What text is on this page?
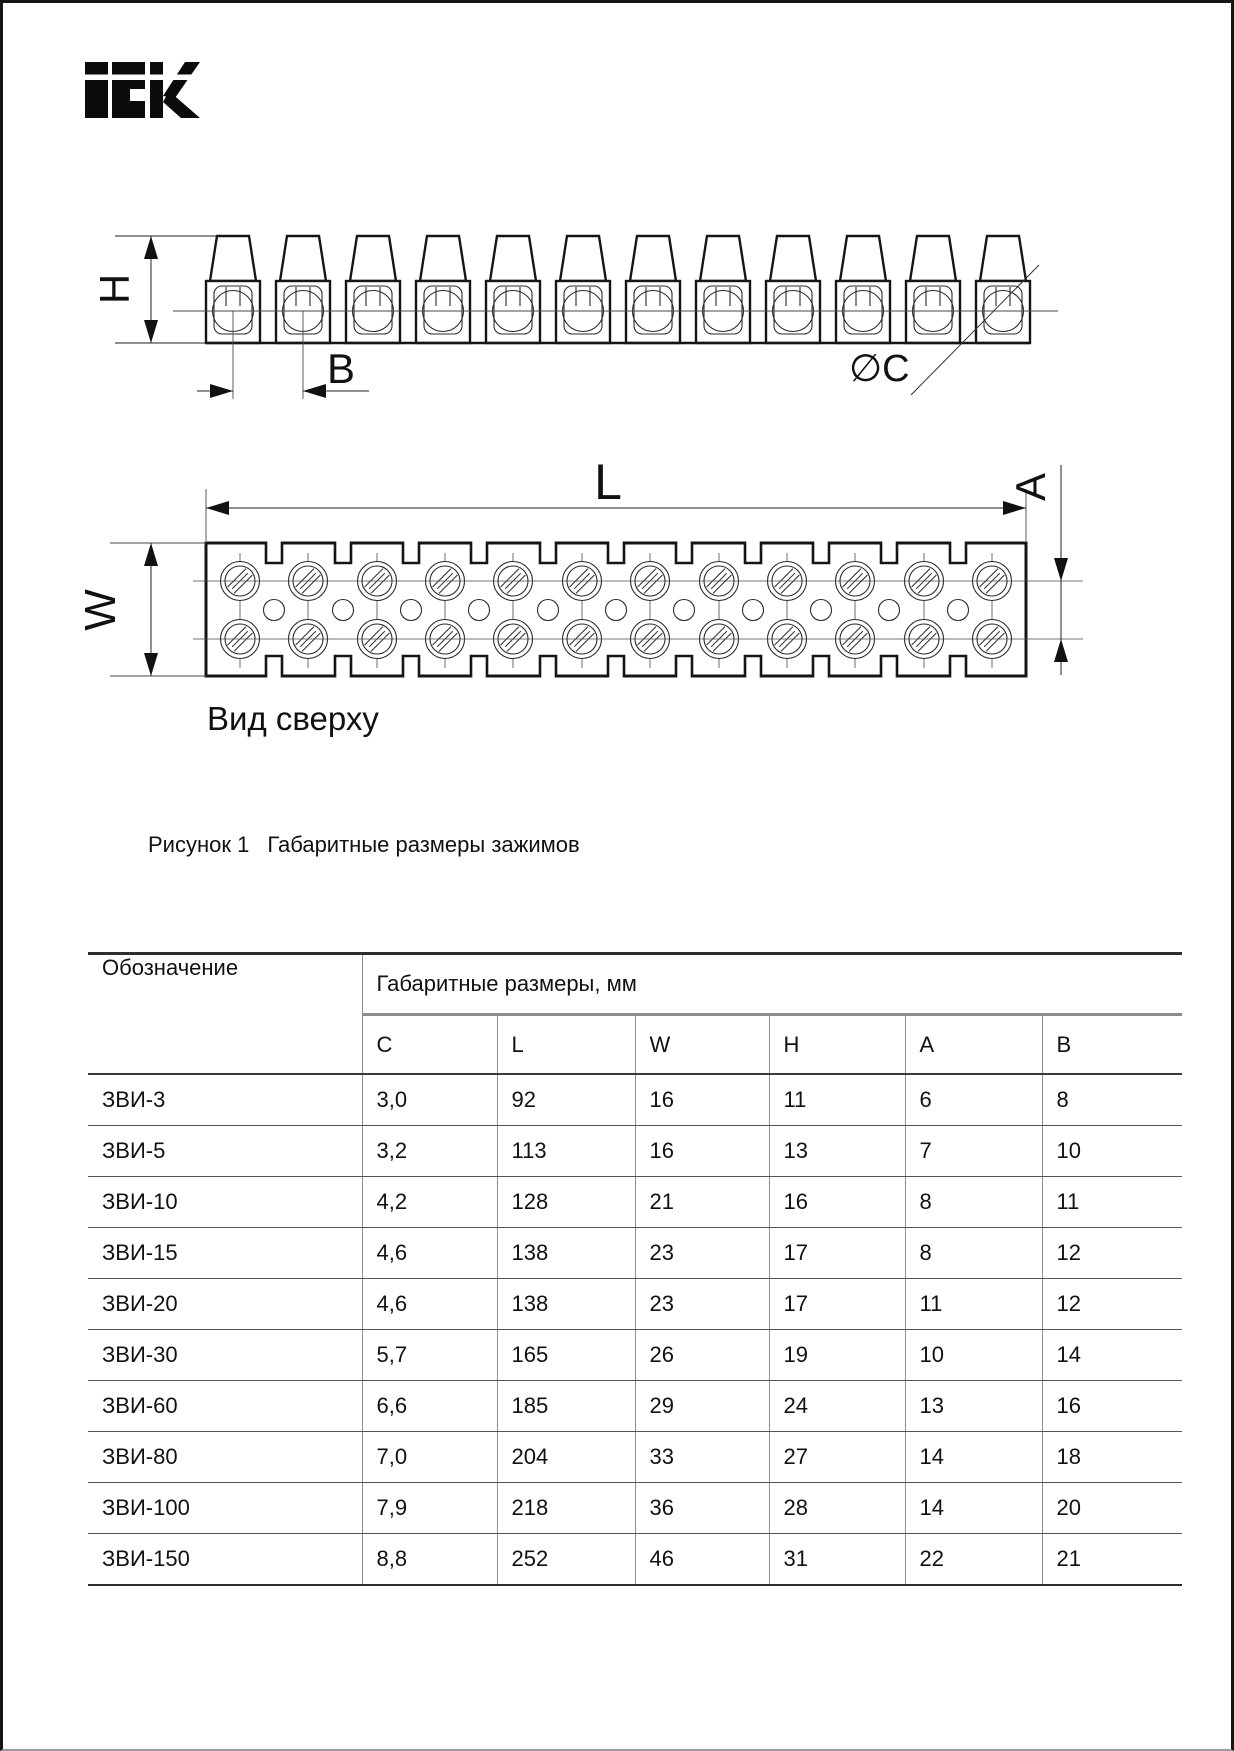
H
B	∅C
L	A
W
Вид сверху
Рисунок 1 Габаритные размеры зажимов
Обозначение	Габаритные размеры, мм					
	C	L	W	H	A	B
ЗВИ-3	3,0	92	16	11	6	8
ЗВИ-5	3,2	113	16	13	7	10
ЗВИ-10	4,2	128	21	16	8	11
ЗВИ-15	4,6	138	23	17	8	12
ЗВИ-20	4,6	138	23	17	11	12
ЗВИ-30	5,7	165	26	19	10	14
ЗВИ-60	6,6	185	29	24	13	16
ЗВИ-80	7,0	204	33	27	14	18
ЗВИ-100	7,9	218	36	28	14	20
ЗВИ-150	8,8	252	46	31	22	21
